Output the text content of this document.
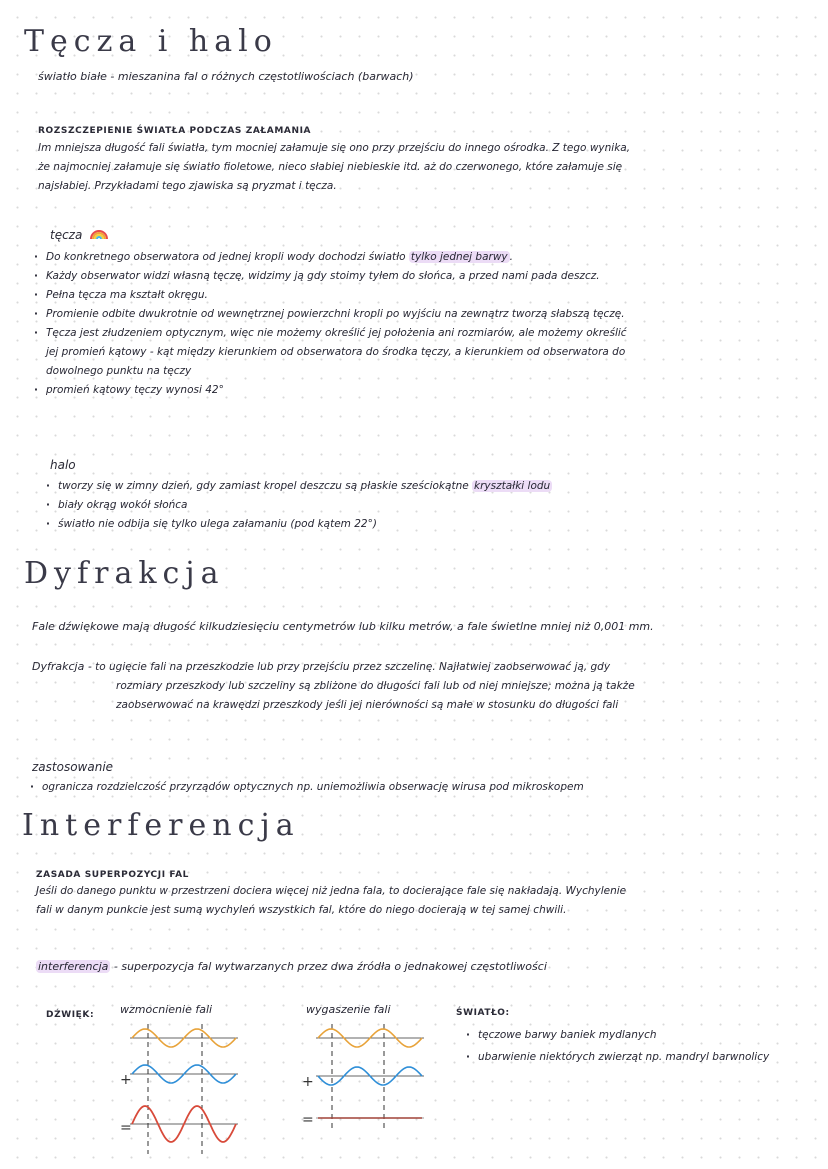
Tęcza i halo
światło białe - mieszanina fal o różnych częstotliwościach (barwach)
ROZSZCZEPIENIE ŚWIATŁA PODCZAS ZAŁAMANIA

Im mniejsza długość fali światła, tym mocniej załamuje się ono przy przejściu do innego ośrodka. Z tego wynika,

że najmocniej załamuje się światło fioletowe, nieco słabiej niebieskie itd. aż do czerwonego, które załamuje się

najsłabiej. Przykładami tego zjawiska są pryzmat i tęcza.

tęcza
· Do konkretnego obserwatora od jednej kropli wody dochodzi światło tylko jednej barwy .
· Każdy obserwator widzi własną tęczę, widzimy ją gdy stoimy tyłem do słońca, a przed nami pada deszcz.
· Pełna tęcza ma kształt okręgu.
· Promienie odbite dwukrotnie od wewnętrznej powierzchni kropli po wyjściu na zewnątrz tworzą słabszą tęczę.
· Tęcza jest złudzeniem optycznym, więc nie możemy określić jej położenia ani rozmiarów, ale możemy określić
jej promień kątowy - kąt między kierunkiem od obserwatora do środka tęczy, a kierunkiem od obserwatora do
dowolnego punktu na tęczy
· promień kątowy tęczy wynosi 42°
halo
· tworzy się w zimny dzień, gdy zamiast kropel deszczu są płaskie sześciokątne kryształki lodu
· biały okrąg wokół słońca
· światło nie odbija się tylko ulega załamaniu (pod kątem 22°)
Dyfrakcja
Fale dźwiękowe mają długość kilkudziesięciu centymetrów lub kilku metrów, a fale świetlne mniej niż 0,001 mm.
Dyfrakcja - to ugięcie fali na przeszkodzie lub przy przejściu przez szczelinę. Najłatwiej zaobserwować ją, gdy

rozmiary przeszkody lub szczeliny są zbliżone do długości fali lub od niej mniejsze; można ją także

zaobserwować na krawędzi przeszkody jeśli jej nierówności są małe w stosunku do długości fali

zastosowanie
· ogranicza rozdzielczość przyrządów optycznych np. uniemożliwia obserwację wirusa pod mikroskopem
Interferencja
ZASADA SUPERPOZYCJI FAL

Jeśli do danego punktu w przestrzeni dociera więcej niż jedna fala, to docierające fale się nakładają. Wychylenie

fali w danym punkcie jest sumą wychyleń wszystkich fal, które do niego docierają w tej samej chwili.

interferencja - superpozycja fal wytwarzanych przez dwa źródła o jednakowej częstotliwości
DŹWIĘK: wzmocnienie fali	wygaszenie fali
+
=
+
=
ŚWIATŁO:
· tęczowe barwy baniek mydlanych
· ubarwienie niektórych zwierząt np. mandryl barwnolicy
